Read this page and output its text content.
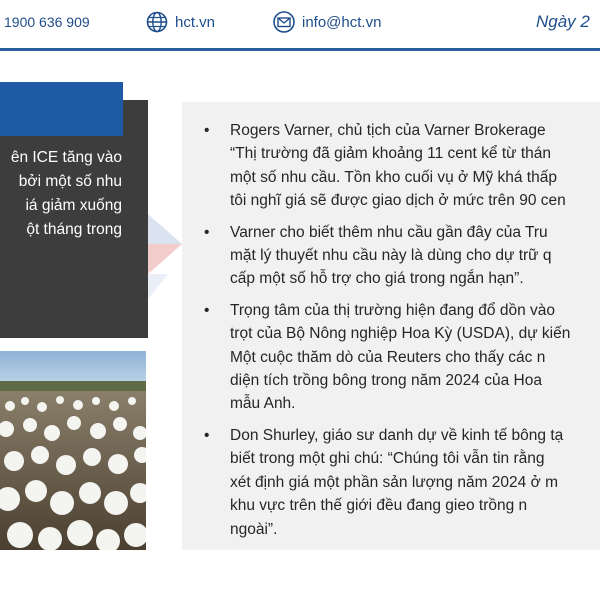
1900 636 909	hct.vn	info@hct.vn	Ngày 2

ên ICE tăng vào

bởi một số nhu

iá giảm xuống

ột tháng trong

• Rogers Varner, chủ tịch của Varner Brokerage
“Thị trường đã giảm khoảng 11 cent kể từ thán
một số nhu cầu. Tồn kho cuối vụ ở Mỹ khá thấp
tôi nghĩ giá sẽ được giao dịch ở mức trên 90 cen
• Varner cho biết thêm nhu cầu gần đây của Tru
mặt lý thuyết nhu cầu này là dùng cho dự trữ q
cấp một số hỗ trợ cho giá trong ngắn hạn”.
• Trọng tâm của thị trường hiện đang đổ dồn vào
trọt của Bộ Nông nghiệp Hoa Kỳ (USDA), dự kiến
Một cuộc thăm dò của Reuters cho thấy các n
diện tích trồng bông trong năm 2024 của Hoa
mẫu Anh.
• Don Shurley, giáo sư danh dự về kinh tế bông tạ
biết trong một ghi chú: “Chúng tôi vẫn tin rằng
xét định giá một phần sản lượng năm 2024 ở m
khu vực trên thế giới đều đang gieo trồng n
ngoài”.
